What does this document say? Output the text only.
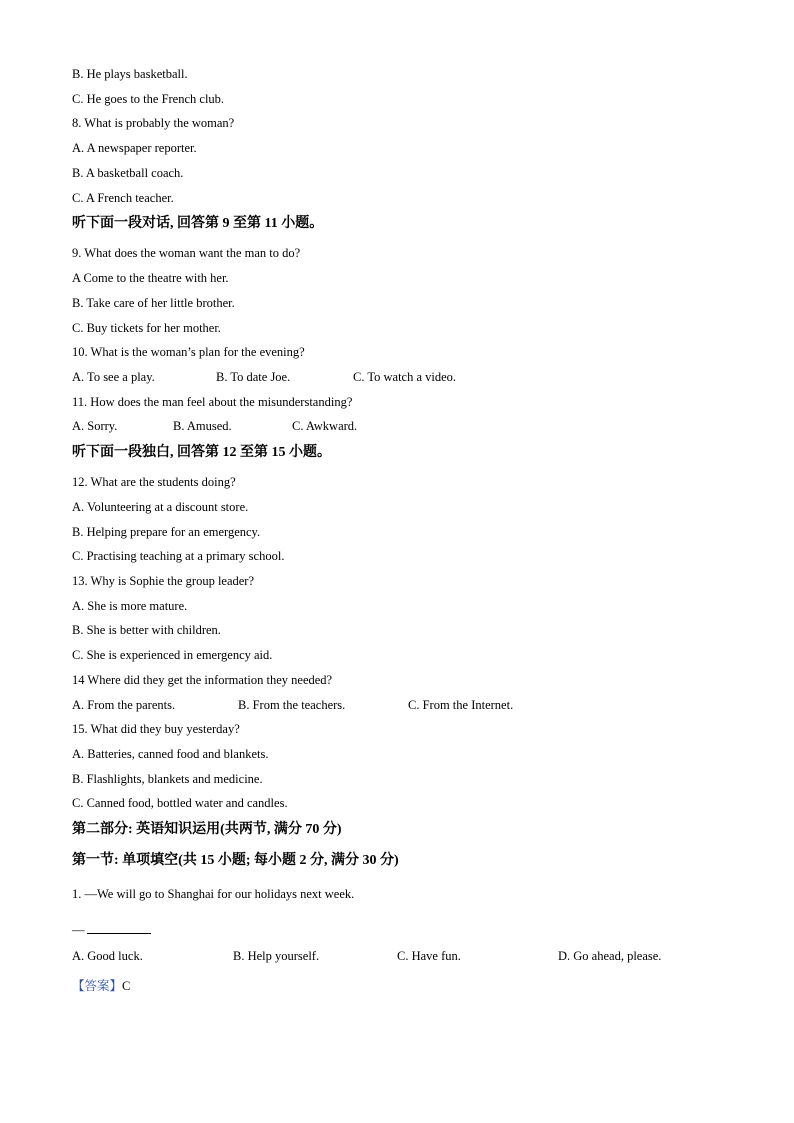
B. He plays basketball.
C. He goes to the French club.
8. What is probably the woman?
A. A newspaper reporter.
B. A basketball coach.
C. A French teacher.
听下面一段对话, 回答第 9 至第 11 小题。
9. What does the woman want the man to do?
A Come to the theatre with her.
B. Take care of her little brother.
C. Buy tickets for her mother.
10. What is the woman’s plan for the evening?
A. To see a play.	B. To date Joe.	C. To watch a video.
11. How does the man feel about the misunderstanding?
A. Sorry.	B. Amused.	C. Awkward.
听下面一段独白, 回答第 12 至第 15 小题。
12. What are the students doing?
A. Volunteering at a discount store.
B. Helping prepare for an emergency.
C. Practising teaching at a primary school.
13. Why is Sophie the group leader?
A. She is more mature.
B. She is better with children.
C. She is experienced in emergency aid.
14 Where did they get the information they needed?
A. From the parents.	B. From the teachers.	C. From the Internet.
15. What did they buy yesterday?
A. Batteries, canned food and blankets.
B. Flashlights, blankets and medicine.
C. Canned food, bottled water and candles.
第二部分: 英语知识运用(共两节, 满分 70 分)
第一节: 单项填空(共 15 小题; 每小题 2 分, 满分 30 分)
1. —We will go to Shanghai for our holidays next week.
—
A. Good luck.	B. Help yourself.	C. Have fun.	D. Go ahead, please.
【答案】C
